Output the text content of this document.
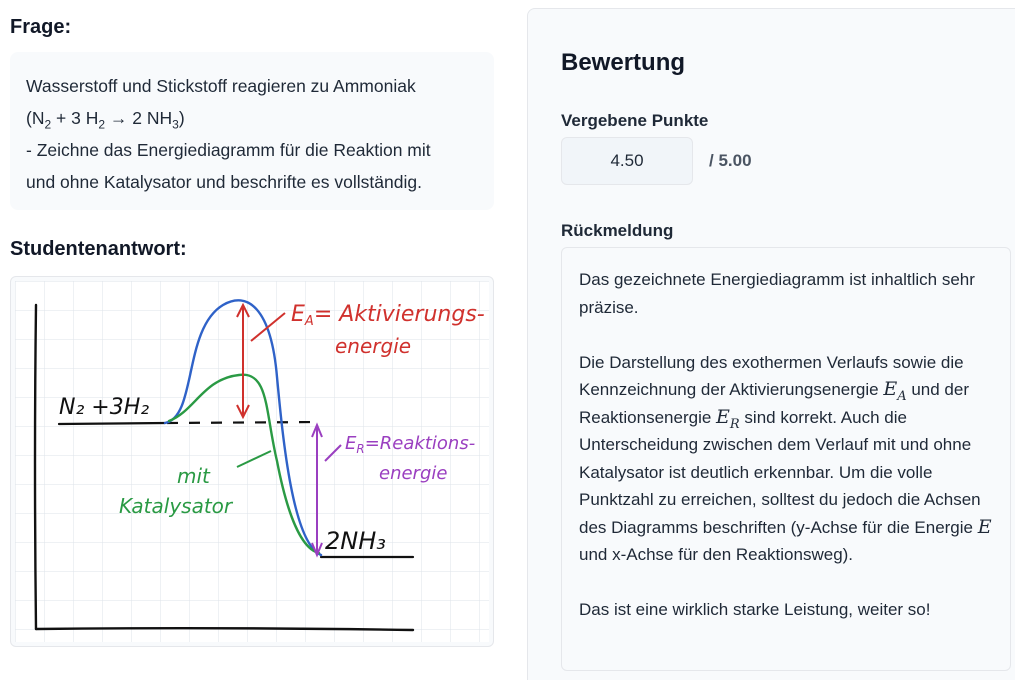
Frage:
Wasserstoff und Stickstoff reagieren zu Ammoniak
($N_2 + 3$ $H_2 \to 2$ $NH_3$)
- Zeichne das Energiediagramm für die Reaktion mit
und ohne Katalysator und beschrifte es vollständig.
Studentenantwort:
N₂ +3H₂
2NH₃
EA= Aktivierungs-
energie
$E_R=Reaktions-$
energie
mit
Katalysator
Bewertung
Vergebene Punkte
4.50
/ 5.00
Rückmeldung

Das gezeichnete Energiediagramm ist inhaltlich sehr präzise.

Die Darstellung des exothermen Verlaufs sowie die Kennzeichnung der Aktivierungsenergie $E_A$ und der Reaktionsenergie $E_R$ sind korrekt. Auch die Unterscheidung zwischen dem Verlauf mit und ohne Katalysator ist deutlich erkennbar. Um die volle Punktzahl zu erreichen, solltest du jedoch die Achsen des Diagramms beschriften (y-Achse für die Energie E und x-Achse für den Reaktionsweg).

Das ist eine wirklich starke Leistung, weiter so!
